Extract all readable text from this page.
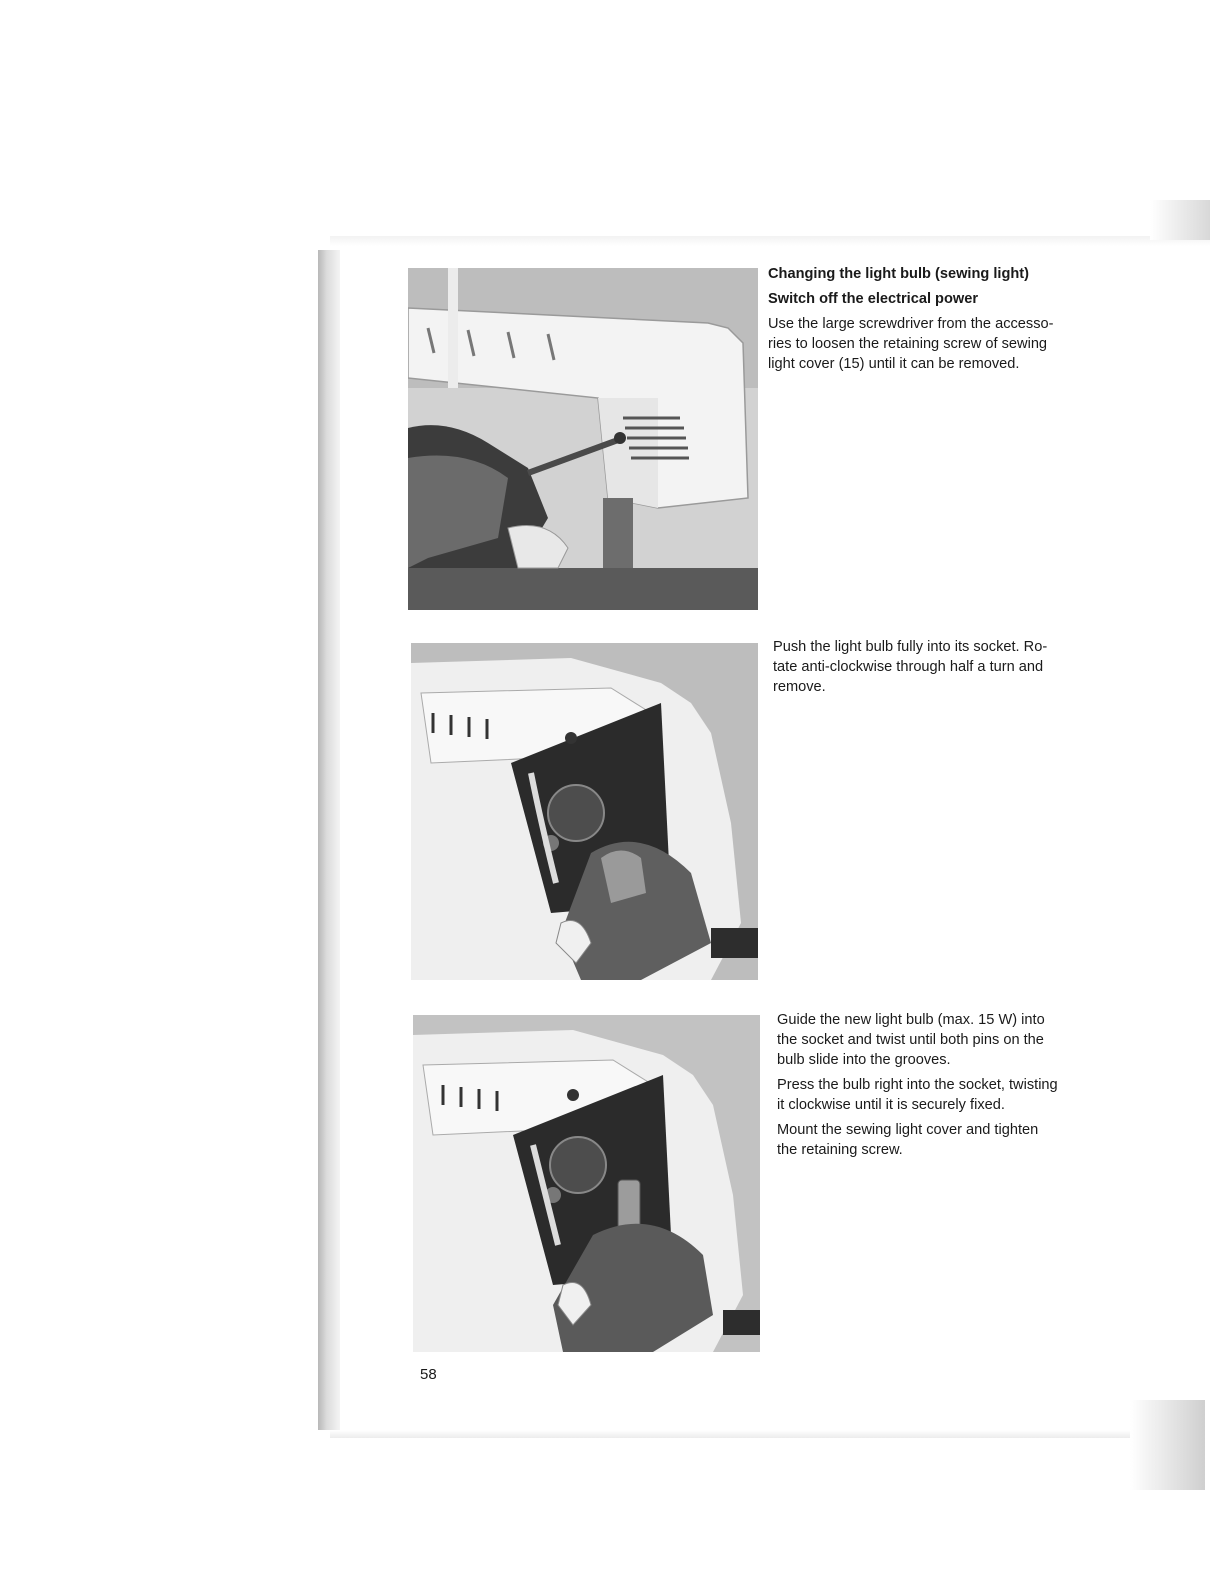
Changing the light bulb (sewing light)

Switch off the electrical power

Use the large screwdriver from the accesso-
ries to loosen the retaining screw of sewing
light cover (15) until it can be removed.

Push the light bulb fully into its socket. Ro-
tate anti-clockwise through half a turn and
remove.

Guide the new light bulb (max. 15 W) into
the socket and twist until both pins on the
bulb slide into the grooves.

Press the bulb right into the socket, twisting
it clockwise until it is securely fixed.

Mount the sewing light cover and tighten
the retaining screw.

58
